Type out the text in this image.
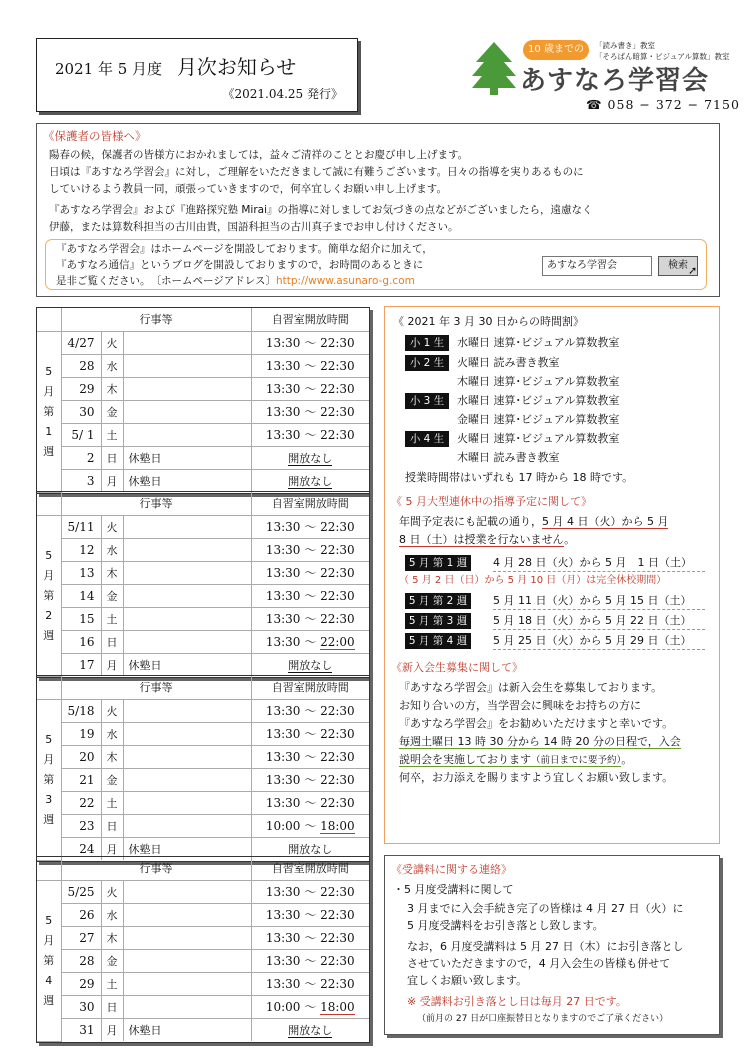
2021 年 5 月度 月次お知らせ
《2021.04.25 発行》
10 歳までの	「読み書き」教室
「そろばん暗算・ビジュアル算数」教室
あすなろ学習会
☎ 058 − 372 − 7150
《保護者の皆様へ》
陽春の候，保護者の皆様方におかれましては，益々ご清祥のこととお慶び申し上げます。
日頃は『あすなろ学習会』に対し，ご理解をいただきまして誠に有難うございます。日々の指導を実りあるものに
していけるよう教員一同，頑張っていきますので，何卒宜しくお願い申し上げます。
『あすなろ学習会』および『進路探究塾 Mirai』の指導に対しましてお気づきの点などがございましたら，遠慮なく
伊藤，または算数科担当の古川由貴，国語科担当の古川真子までお申し付けください。
『あすなろ学習会』はホームページを開設しております。簡単な紹介に加えて，
『あすなろ通信』というブログを開設しておりますので，お時間のあるときに
是非ご覧ください。　〔ホームページアドレス〕http://www.asunaro-g.com
あすなろ学習会	検索 ➚
	行事等			自習室開放時間

5
月
第
1
週	4/27	火		13:30 〜 22:30
	28	水		13:30 〜 22:30
	29	木		13:30 〜 22:30
	30	金		13:30 〜 22:30
	5/ 1	土		13:30 〜 22:30
	2	日	休塾日	開放なし
	3	月	休塾日	開放なし
	行事等			自習室開放時間

5
月
第
2
週	5/11	火		13:30 〜 22:30
	12	水		13:30 〜 22:30
	13	木		13:30 〜 22:30
	14	金		13:30 〜 22:30
	15	土		13:30 〜 22:30
	16	日		13:30 〜 22:00
	17	月	休塾日	開放なし
	行事等			自習室開放時間

5
月
第
3
週	5/18	火		13:30 〜 22:30
	19	水		13:30 〜 22:30
	20	木		13:30 〜 22:30
	21	金		13:30 〜 22:30
	22	土		13:30 〜 22:30
	23	日		10:00 〜 18:00
	24	月	休塾日	開放なし
	行事等			自習室開放時間

5
月
第
4
週	5/25	火		13:30 〜 22:30
	26	水		13:30 〜 22:30
	27	木		13:30 〜 22:30
	28	金		13:30 〜 22:30
	29	土		13:30 〜 22:30
	30	日		10:00 〜 18:00
	31	月	休塾日	開放なし
《 2021 年 3 月 30 日からの時間割》
小 1 生	水曜日 速算･ビジュアル算数教室
小 2 生	火曜日 読み書き教室
木曜日 速算･ビジュアル算数教室
小 3 生	水曜日 速算･ビジュアル算数教室
金曜日 速算･ビジュアル算数教室
小 4 生	火曜日 速算･ビジュアル算数教室
木曜日 読み書き教室
授業時間帯はいずれも 17 時から 18 時です。
《 5 月大型連休中の指導予定に関して》
年間予定表にも記載の通り，5 月 4 日（火）から 5 月
8 日（土）は授業を行ないません。
5 月 第 1 週	4 月 28 日（火）から 5 月　1 日（土）
（ 5 月 2 日（日）から 5 月 10 日（月）は完全休校期間）
5 月 第 2 週	5 月 11 日（火）から 5 月 15 日（土）
5 月 第 3 週	5 月 18 日（火）から 5 月 22 日（土）
5 月 第 4 週	5 月 25 日（火）から 5 月 29 日（土）
《新入会生募集に関して》
『あすなろ学習会』は新入会生を募集しております。
お知り合いの方，当学習会に興味をお持ちの方に
『あすなろ学習会』をお勧めいただけますと幸いです。
毎週土曜日 13 時 30 分から 14 時 20 分の日程で，入会
説明会を実施しております（前日までに要予約）。
何卒，お力添えを賜りますよう宜しくお願い致します。
《受講料に関する連絡》
・5 月度受講料に関して
3 月までに入会手続き完了の皆様は 4 月 27 日（火）に
5 月度受講料をお引き落とし致します。
なお，6 月度受講料は 5 月 27 日（木）にお引き落とし
させていただきますので，4 月入会生の皆様も併せて
宜しくお願い致します。
※ 受講料お引き落とし日は毎月 27 日です。
（前月の 27 日が口座振替日となりますのでご了承ください）
